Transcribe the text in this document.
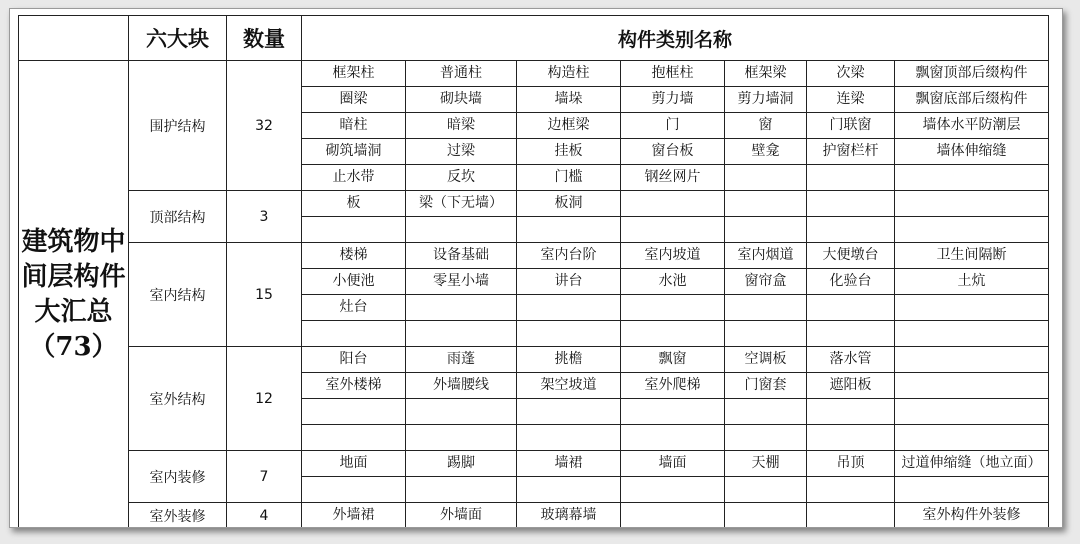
	六大块	数量	构件类别名称						
建筑物中间层构件大汇总（73）	围护结构	32	框架柱	普通柱	构造柱	抱框柱	框架梁	次梁	飘窗顶部后缀构件
			圈梁	砌块墙	墙垛	剪力墙	剪力墙洞	连梁	飘窗底部后缀构件
			暗柱	暗梁	边框梁	门	窗	门联窗	墙体水平防潮层
			砌筑墙洞	过梁	挂板	窗台板	壁龛	护窗栏杆	墙体伸缩缝
			止水带	反坎	门槛	钢丝网片			
	顶部结构	3	板	梁（下无墙）	板洞				

	室内结构	15	楼梯	设备基础	室内台阶	室内坡道	室内烟道	大便墩台	卫生间隔断
			小便池	零星小墙	讲台	水池	窗帘盒	化验台	土炕
			灶台						

	室外结构	12	阳台	雨蓬	挑檐	飘窗	空调板	落水管	
			室外楼梯	外墙腰线	架空坡道	室外爬梯	门窗套	遮阳板	

	室内装修	7	地面	踢脚	墙裙	墙面	天棚	吊顶	过道伸缩缝（地立面）

	室外装修	4	外墙裙	外墙面	玻璃幕墙				室外构件外装修
